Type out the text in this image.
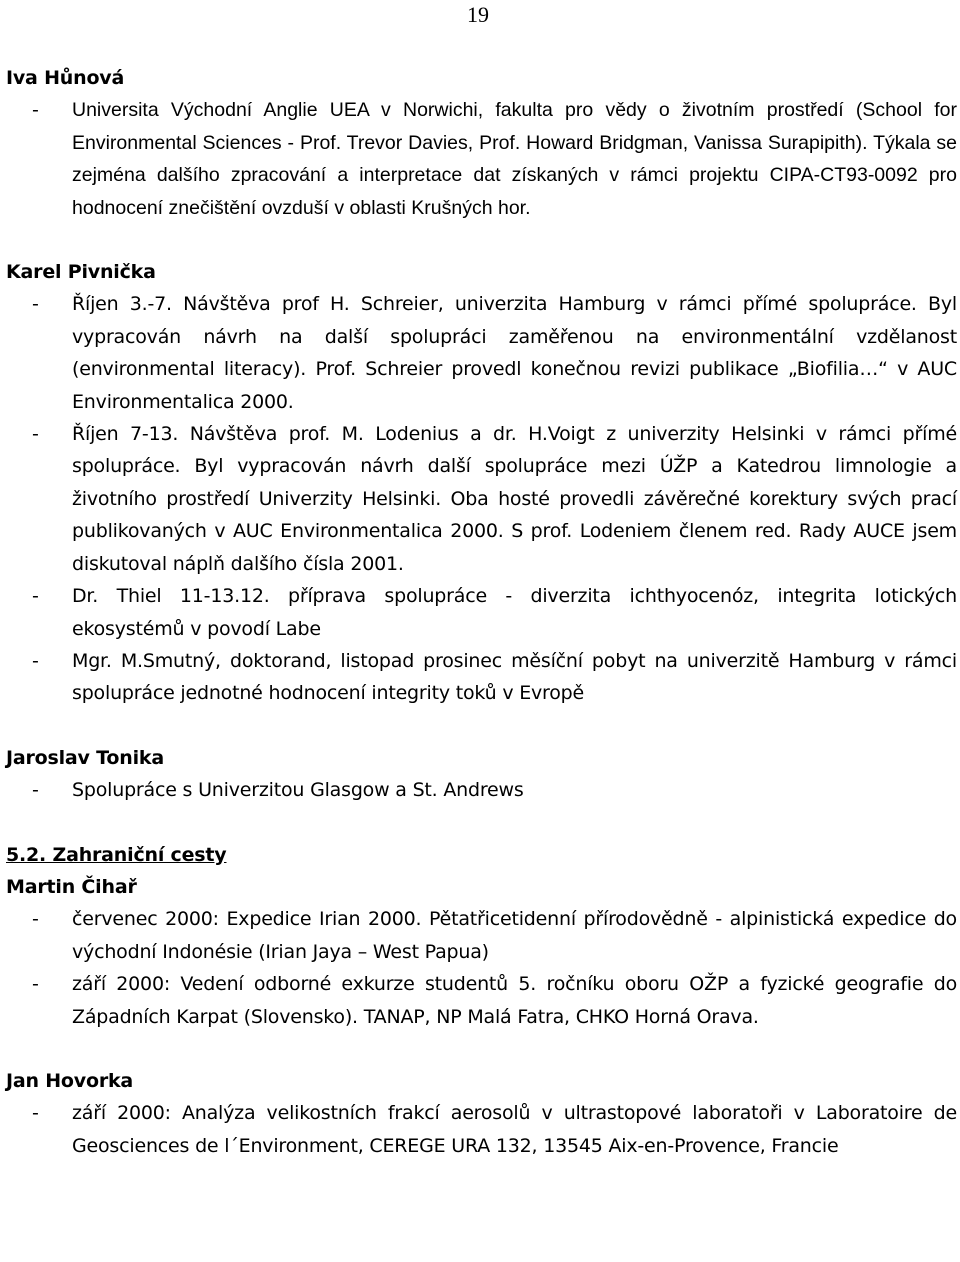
19
Iva Hůnová
- Universita Východní Anglie UEA v Norwichi, fakulta pro vědy o životním prostředí (School for Environmental Sciences - Prof. Trevor Davies, Prof. Howard Bridgman, Vanissa Surapipith). Týkala se zejména dalšího zpracování a interpretace dat získaných v rámci projektu CIPA-CT93-0092 pro hodnocení znečištění ovzduší v oblasti Krušných hor.
Karel Pivnička
- Říjen 3.-7. Návštěva prof H. Schreier, univerzita Hamburg v rámci přímé spolupráce. Byl vypracován návrh na další spolupráci zaměřenou na environmentální vzdělanost (environmental literacy). Prof. Schreier provedl konečnou revizi publikace „Biofilia…“ v AUC Environmentalica 2000.
- Říjen 7-13. Návštěva prof. M. Lodenius a dr. H.Voigt z univerzity Helsinki v rámci přímé spolupráce. Byl vypracován návrh další spolupráce mezi ÚŽP a Katedrou limnologie a životního prostředí Univerzity Helsinki. Oba hosté provedli závěrečné korektury svých prací publikovaných v AUC Environmentalica 2000. S prof. Lodeniem členem red. Rady AUCE jsem diskutoval náplň dalšího čísla 2001.
- Dr. Thiel 11-13.12. příprava spolupráce - diverzita ichthyocenóz, integrita lotických ekosystémů v povodí Labe
- Mgr. M.Smutný, doktorand, listopad prosinec měsíční pobyt na univerzitě Hamburg v rámci spolupráce jednotné hodnocení integrity toků v Evropě
Jaroslav Tonika
- Spolupráce s Univerzitou Glasgow a St. Andrews
5.2. Zahraniční cesty
Martin Čihař
- červenec 2000: Expedice Irian 2000. Pětatřicetidenní přírodovědně - alpinistická expedice do východní Indonésie (Irian Jaya – West Papua)
- září 2000: Vedení odborné exkurze studentů 5. ročníku oboru OŽP a fyzické geografie do Západních Karpat (Slovensko). TANAP, NP Malá Fatra, CHKO Horná Orava.
Jan Hovorka
- září 2000: Analýza velikostních frakcí aerosolů v ultrastopové laboratoři v Laboratoire de Geosciences de l´Environment, CEREGE URA 132, 13545 Aix-en-Provence, Francie
